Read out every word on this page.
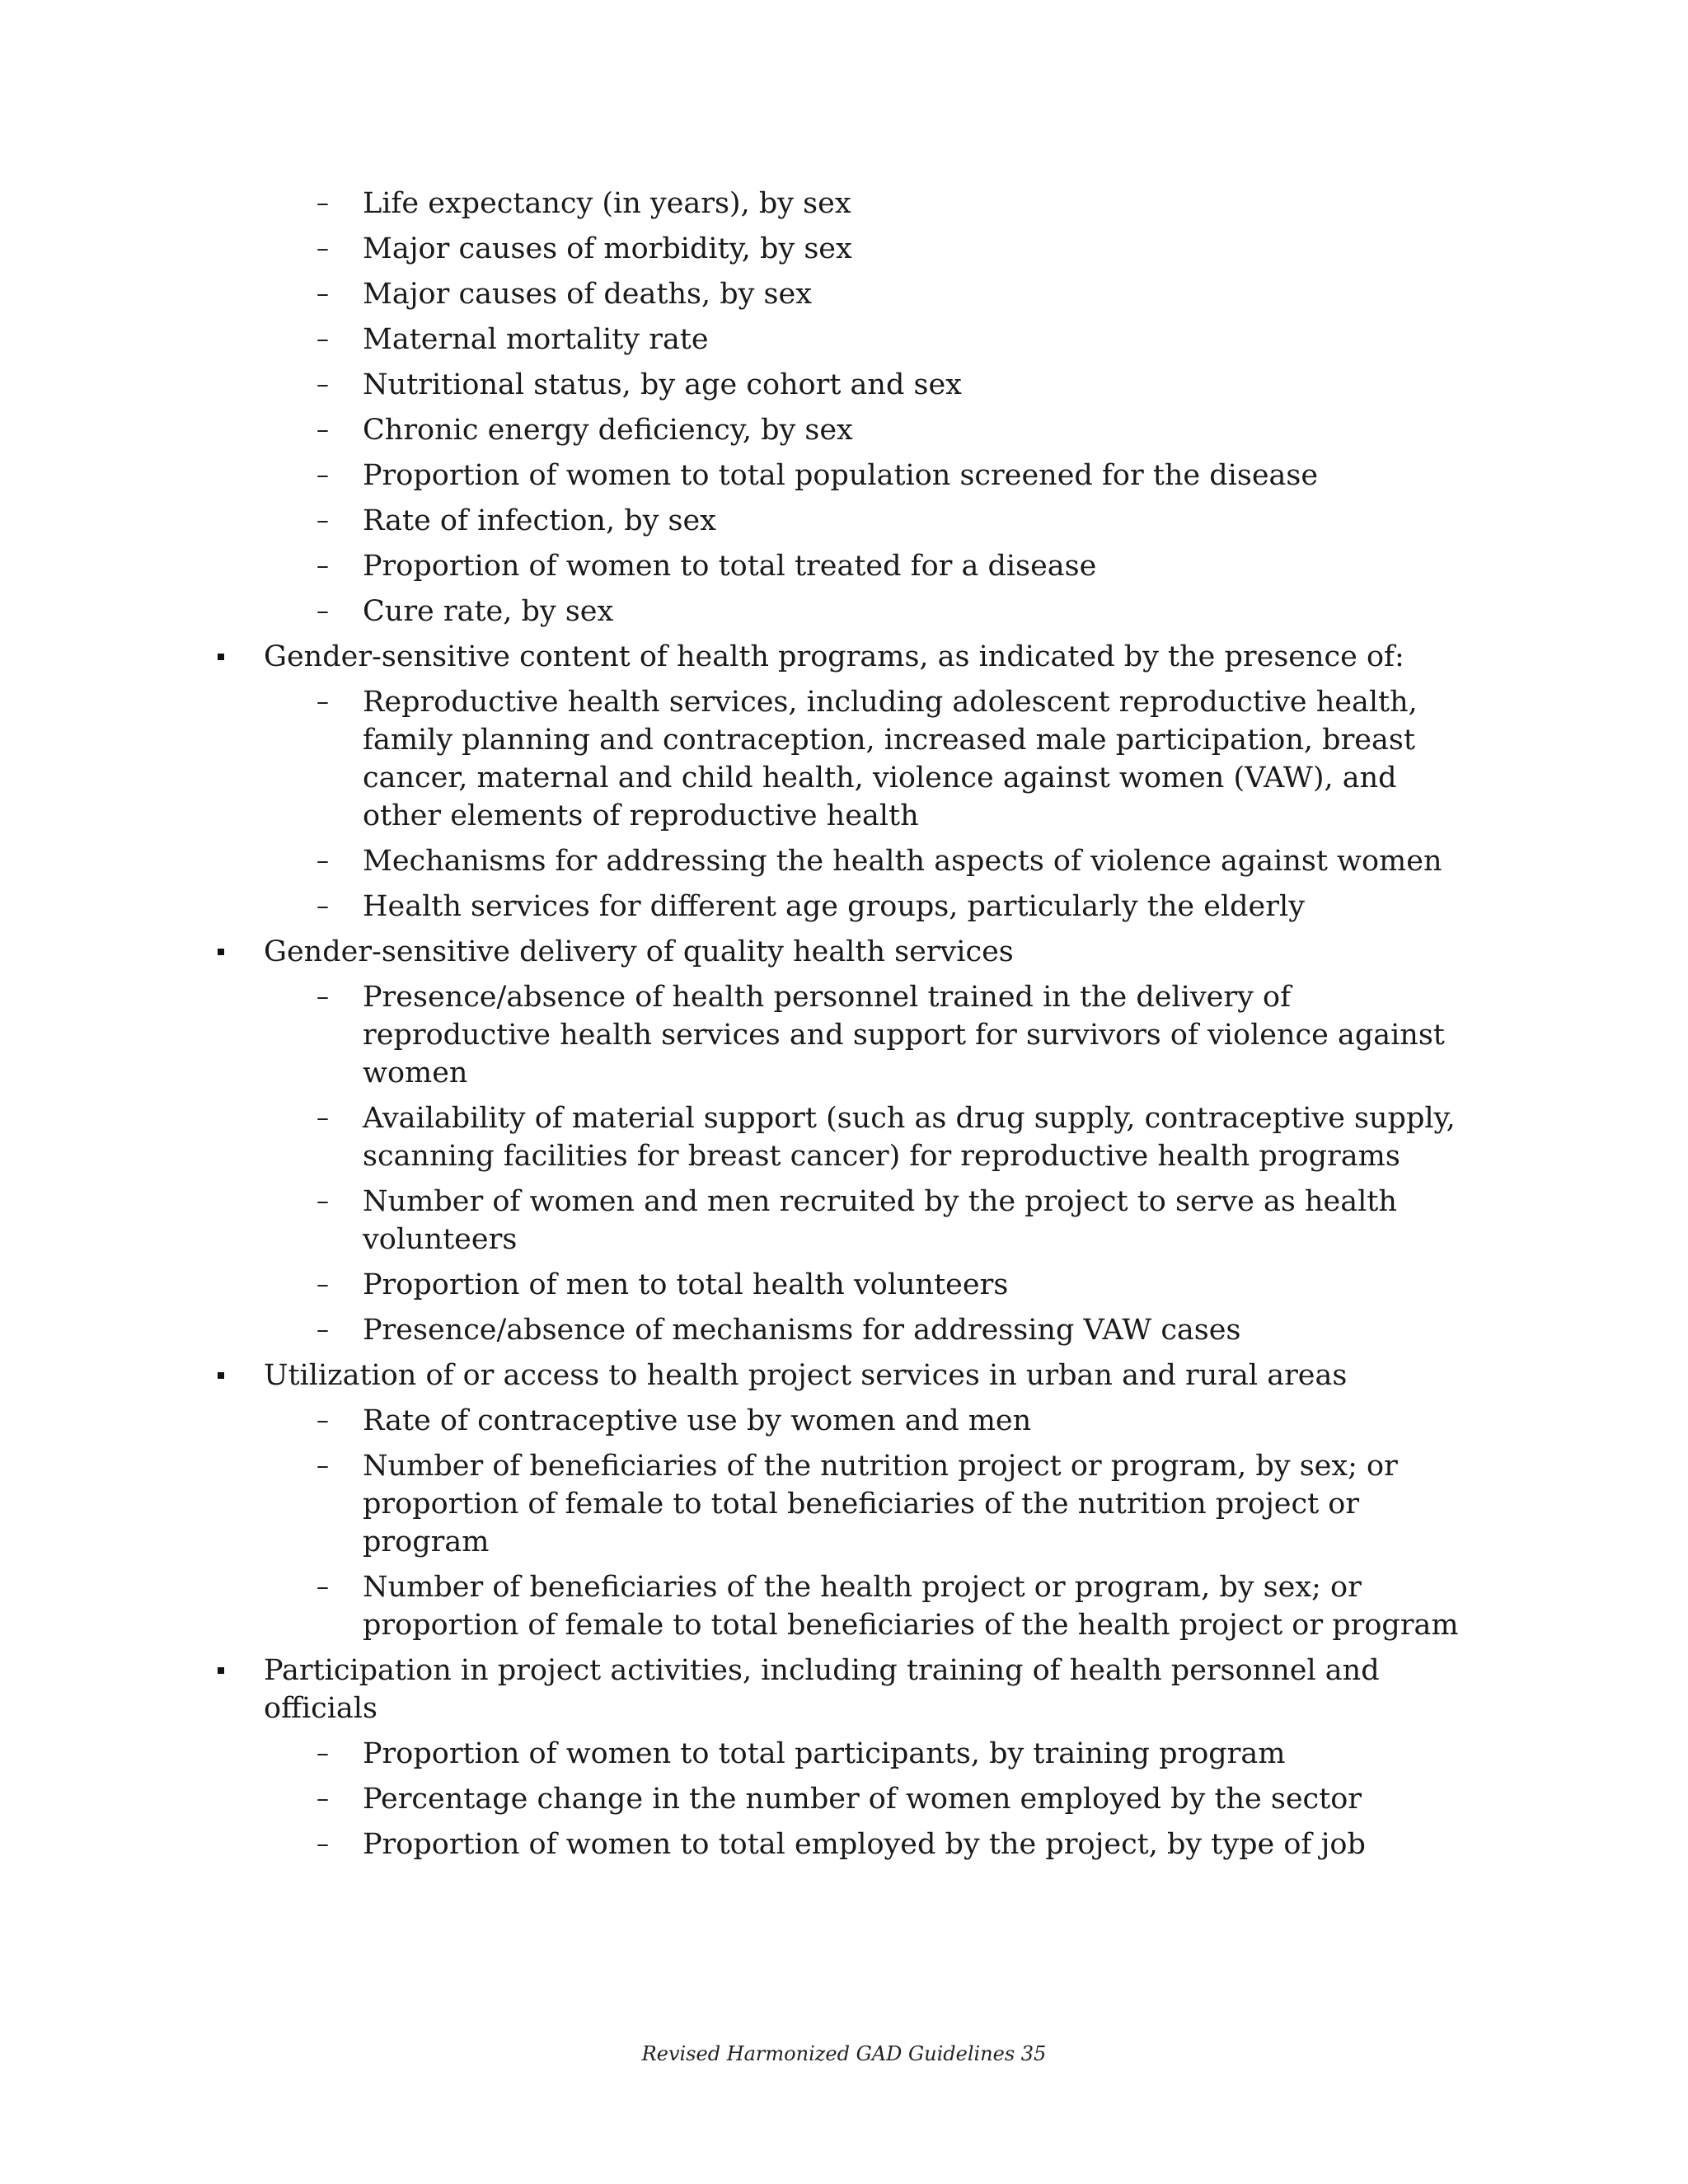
– Life expectancy (in years), by sex
– Major causes of morbidity, by sex
– Major causes of deaths, by sex
– Maternal mortality rate
– Nutritional status, by age cohort and sex
– Chronic energy deficiency, by sex
– Proportion of women to total population screened for the disease
– Rate of infection, by sex
– Proportion of women to total treated for a disease
– Cure rate, by sex
Gender-sensitive content of health programs, as indicated by the presence of:
– Reproductive health services, including adolescent reproductive health, family planning and contraception, increased male participation, breast cancer, maternal and child health, violence against women (VAW), and other elements of reproductive health
– Mechanisms for addressing the health aspects of violence against women
– Health services for different age groups, particularly the elderly
Gender-sensitive delivery of quality health services
– Presence/absence of health personnel trained in the delivery of reproductive health services and support for survivors of violence against women
– Availability of material support (such as drug supply, contraceptive supply, scanning facilities for breast cancer) for reproductive health programs
– Number of women and men recruited by the project to serve as health volunteers
– Proportion of men to total health volunteers
– Presence/absence of mechanisms for addressing VAW cases
Utilization of or access to health project services in urban and rural areas
– Rate of contraceptive use by women and men
– Number of beneficiaries of the nutrition project or program, by sex; or proportion of female to total beneficiaries of the nutrition project or program
– Number of beneficiaries of the health project or program, by sex; or proportion of female to total beneficiaries of the health project or program
Participation in project activities, including training of health personnel and officials
– Proportion of women to total participants, by training program
– Percentage change in the number of women employed by the sector
– Proportion of women to total employed by the project, by type of job
Revised Harmonized GAD Guidelines 35
